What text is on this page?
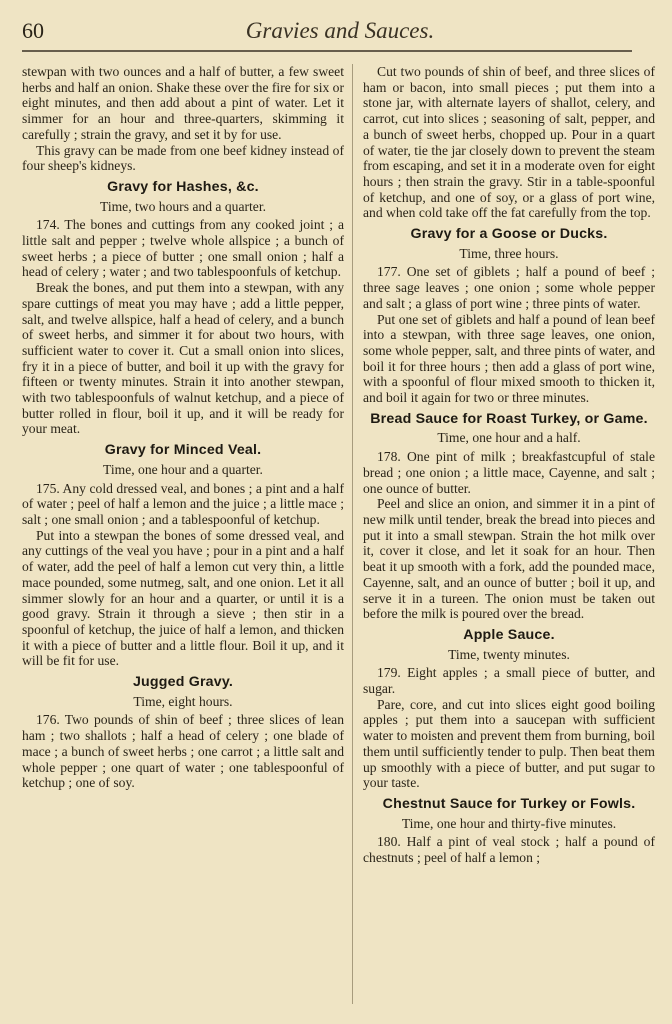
60	Gravies and Sauces.

stewpan with two ounces and a half of butter, a few sweet herbs and half an onion. Shake these over the fire for six or eight minutes, and then add about a pint of water. Let it simmer for an hour and three-quarters, skimming it carefully ; strain the gravy, and set it by for use.

This gravy can be made from one beef kidney instead of four sheep's kidneys.

Gravy for Hashes, &c.

Time, two hours and a quarter.

174. The bones and cuttings from any cooked joint ; a little salt and pepper ; twelve whole allspice ; a bunch of sweet herbs ; a piece of butter ; one small onion ; half a head of celery ; water ; and two tablespoonfuls of ketchup.

Break the bones, and put them into a stewpan, with any spare cuttings of meat you may have ; add a little pepper, salt, and twelve allspice, half a head of celery, and a bunch of sweet herbs, and simmer it for about two hours, with sufficient water to cover it. Cut a small onion into slices, fry it in a piece of butter, and boil it up with the gravy for fifteen or twenty minutes. Strain it into another stewpan, with two tablespoonfuls of walnut ketchup, and a piece of butter rolled in flour, boil it up, and it will be ready for your meat.

Gravy for Minced Veal.

Time, one hour and a quarter.

175. Any cold dressed veal, and bones ; a pint and a half of water ; peel of half a lemon and the juice ; a little mace ; salt ; one small onion ; and a tablespoonful of ketchup.

Put into a stewpan the bones of some dressed veal, and any cuttings of the veal you have ; pour in a pint and a half of water, add the peel of half a lemon cut very thin, a little mace pounded, some nutmeg, salt, and one onion. Let it all simmer slowly for an hour and a quarter, or until it is a good gravy. Strain it through a sieve ; then stir in a spoonful of ketchup, the juice of half a lemon, and thicken it with a piece of butter and a little flour. Boil it up, and it will be fit for use.

Jugged Gravy.

Time, eight hours.

176. Two pounds of shin of beef ; three slices of lean ham ; two shallots ; half a head of celery ; one blade of mace ; a bunch of sweet herbs ; one carrot ; a little salt and whole pepper ; one quart of water ; one tablespoonful of ketchup ; one of soy.

Cut two pounds of shin of beef, and three slices of ham or bacon, into small pieces ; put them into a stone jar, with alternate layers of shallot, celery, and carrot, cut into slices ; seasoning of salt, pepper, and a bunch of sweet herbs, chopped up. Pour in a quart of water, tie the jar closely down to prevent the steam from escaping, and set it in a moderate oven for eight hours ; then strain the gravy. Stir in a table-spoonful of ketchup, and one of soy, or a glass of port wine, and when cold take off the fat carefully from the top.

Gravy for a Goose or Ducks.

Time, three hours.

177. One set of giblets ; half a pound of beef ; three sage leaves ; one onion ; some whole pepper and salt ; a glass of port wine ; three pints of water.

Put one set of giblets and half a pound of lean beef into a stewpan, with three sage leaves, one onion, some whole pepper, salt, and three pints of water, and boil it for three hours ; then add a glass of port wine, with a spoonful of flour mixed smooth to thicken it, and boil it again for two or three minutes.

Bread Sauce for Roast Turkey, or Game.

Time, one hour and a half.

178. One pint of milk ; breakfastcupful of stale bread ; one onion ; a little mace, Cayenne, and salt ; one ounce of butter.

Peel and slice an onion, and simmer it in a pint of new milk until tender, break the bread into pieces and put it into a small stewpan. Strain the hot milk over it, cover it close, and let it soak for an hour. Then beat it up smooth with a fork, add the pounded mace, Cayenne, salt, and an ounce of butter ; boil it up, and serve it in a tureen. The onion must be taken out before the milk is poured over the bread.

Apple Sauce.

Time, twenty minutes.

179. Eight apples ; a small piece of butter, and sugar.

Pare, core, and cut into slices eight good boiling apples ; put them into a saucepan with sufficient water to moisten and prevent them from burning, boil them until sufficiently tender to pulp. Then beat them up smoothly with a piece of butter, and put sugar to your taste.

Chestnut Sauce for Turkey or Fowls.

Time, one hour and thirty-five minutes.

180. Half a pint of veal stock ; half a pound of chestnuts ; peel of half a lemon ;
